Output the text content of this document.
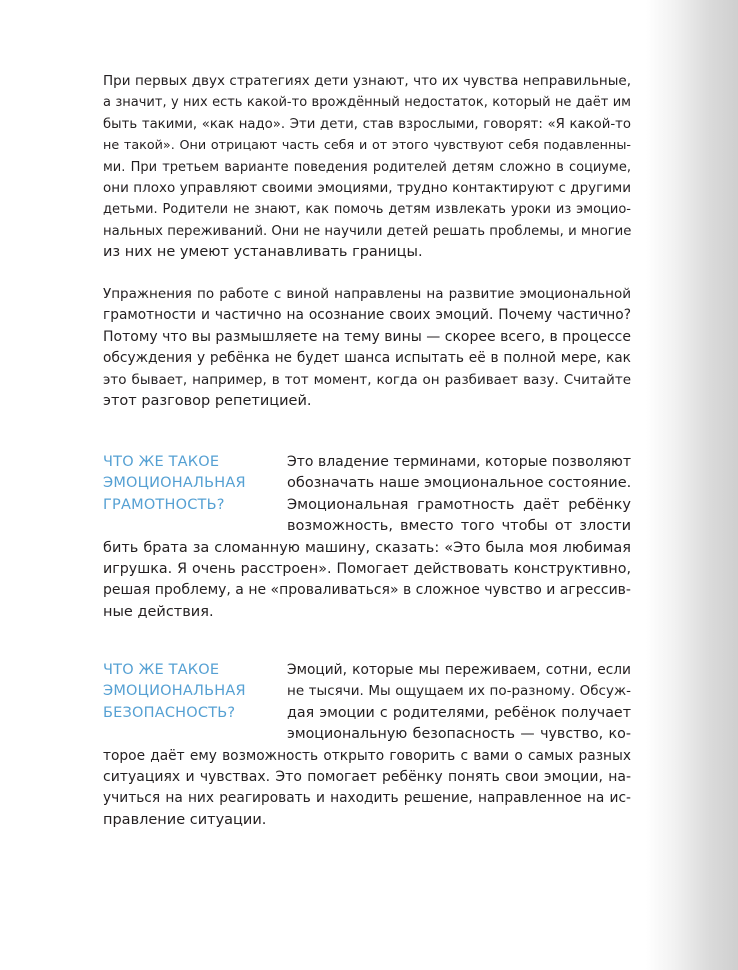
При первых двух стратегиях дети узнают, что их чувства неправильные,
а значит, у них есть какой-то врождённый недостаток, который не даёт им
быть такими, «как надо». Эти дети, став взрослыми, говорят: «Я какой-то
не такой». Они отрицают часть себя и от этого чувствуют себя подавленны-
ми. При третьем варианте поведения родителей детям сложно в социуме,
они плохо управляют своими эмоциями, трудно контактируют с другими
детьми. Родители не знают, как помочь детям извлекать уроки из эмоцио-
нальных переживаний. Они не научили детей решать проблемы, и многие
из них не умеют устанавливать границы.
Упражнения по работе с виной направлены на развитие эмоциональной
грамотности и частично на осознание своих эмоций. Почему частично?
Потому что вы размышляете на тему вины — скорее всего, в процессе
обсуждения у ребёнка не будет шанса испытать её в полной мере, как
это бывает, например, в тот момент, когда он разбивает вазу. Считайте
этот разговор репетицией.
ЧТО ЖЕ ТАКОЕ
ЭМОЦИОНАЛЬНАЯ
ГРАМОТНОСТЬ?
Это владение терминами, которые позволяют
обозначать наше эмоциональное состояние.
Эмоциональная грамотность даёт ребёнку
возможность, вместо того чтобы от злости
бить брата за сломанную машину, сказать: «Это была моя любимая
игрушка. Я очень расстроен». Помогает действовать конструктивно,
решая проблему, а не «проваливаться» в сложное чувство и агрессив-
ные действия.
ЧТО ЖЕ ТАКОЕ
ЭМОЦИОНАЛЬНАЯ
БЕЗОПАСНОСТЬ?
Эмоций, которые мы переживаем, сотни, если
не тысячи. Мы ощущаем их по-разному. Обсуж-
дая эмоции с родителями, ребёнок получает
эмоциональную безопасность — чувство, ко-
торое даёт ему возможность открыто говорить с вами о самых разных
ситуациях и чувствах. Это помогает ребёнку понять свои эмоции, на-
учиться на них реагировать и находить решение, направленное на ис-
правление ситуации.
